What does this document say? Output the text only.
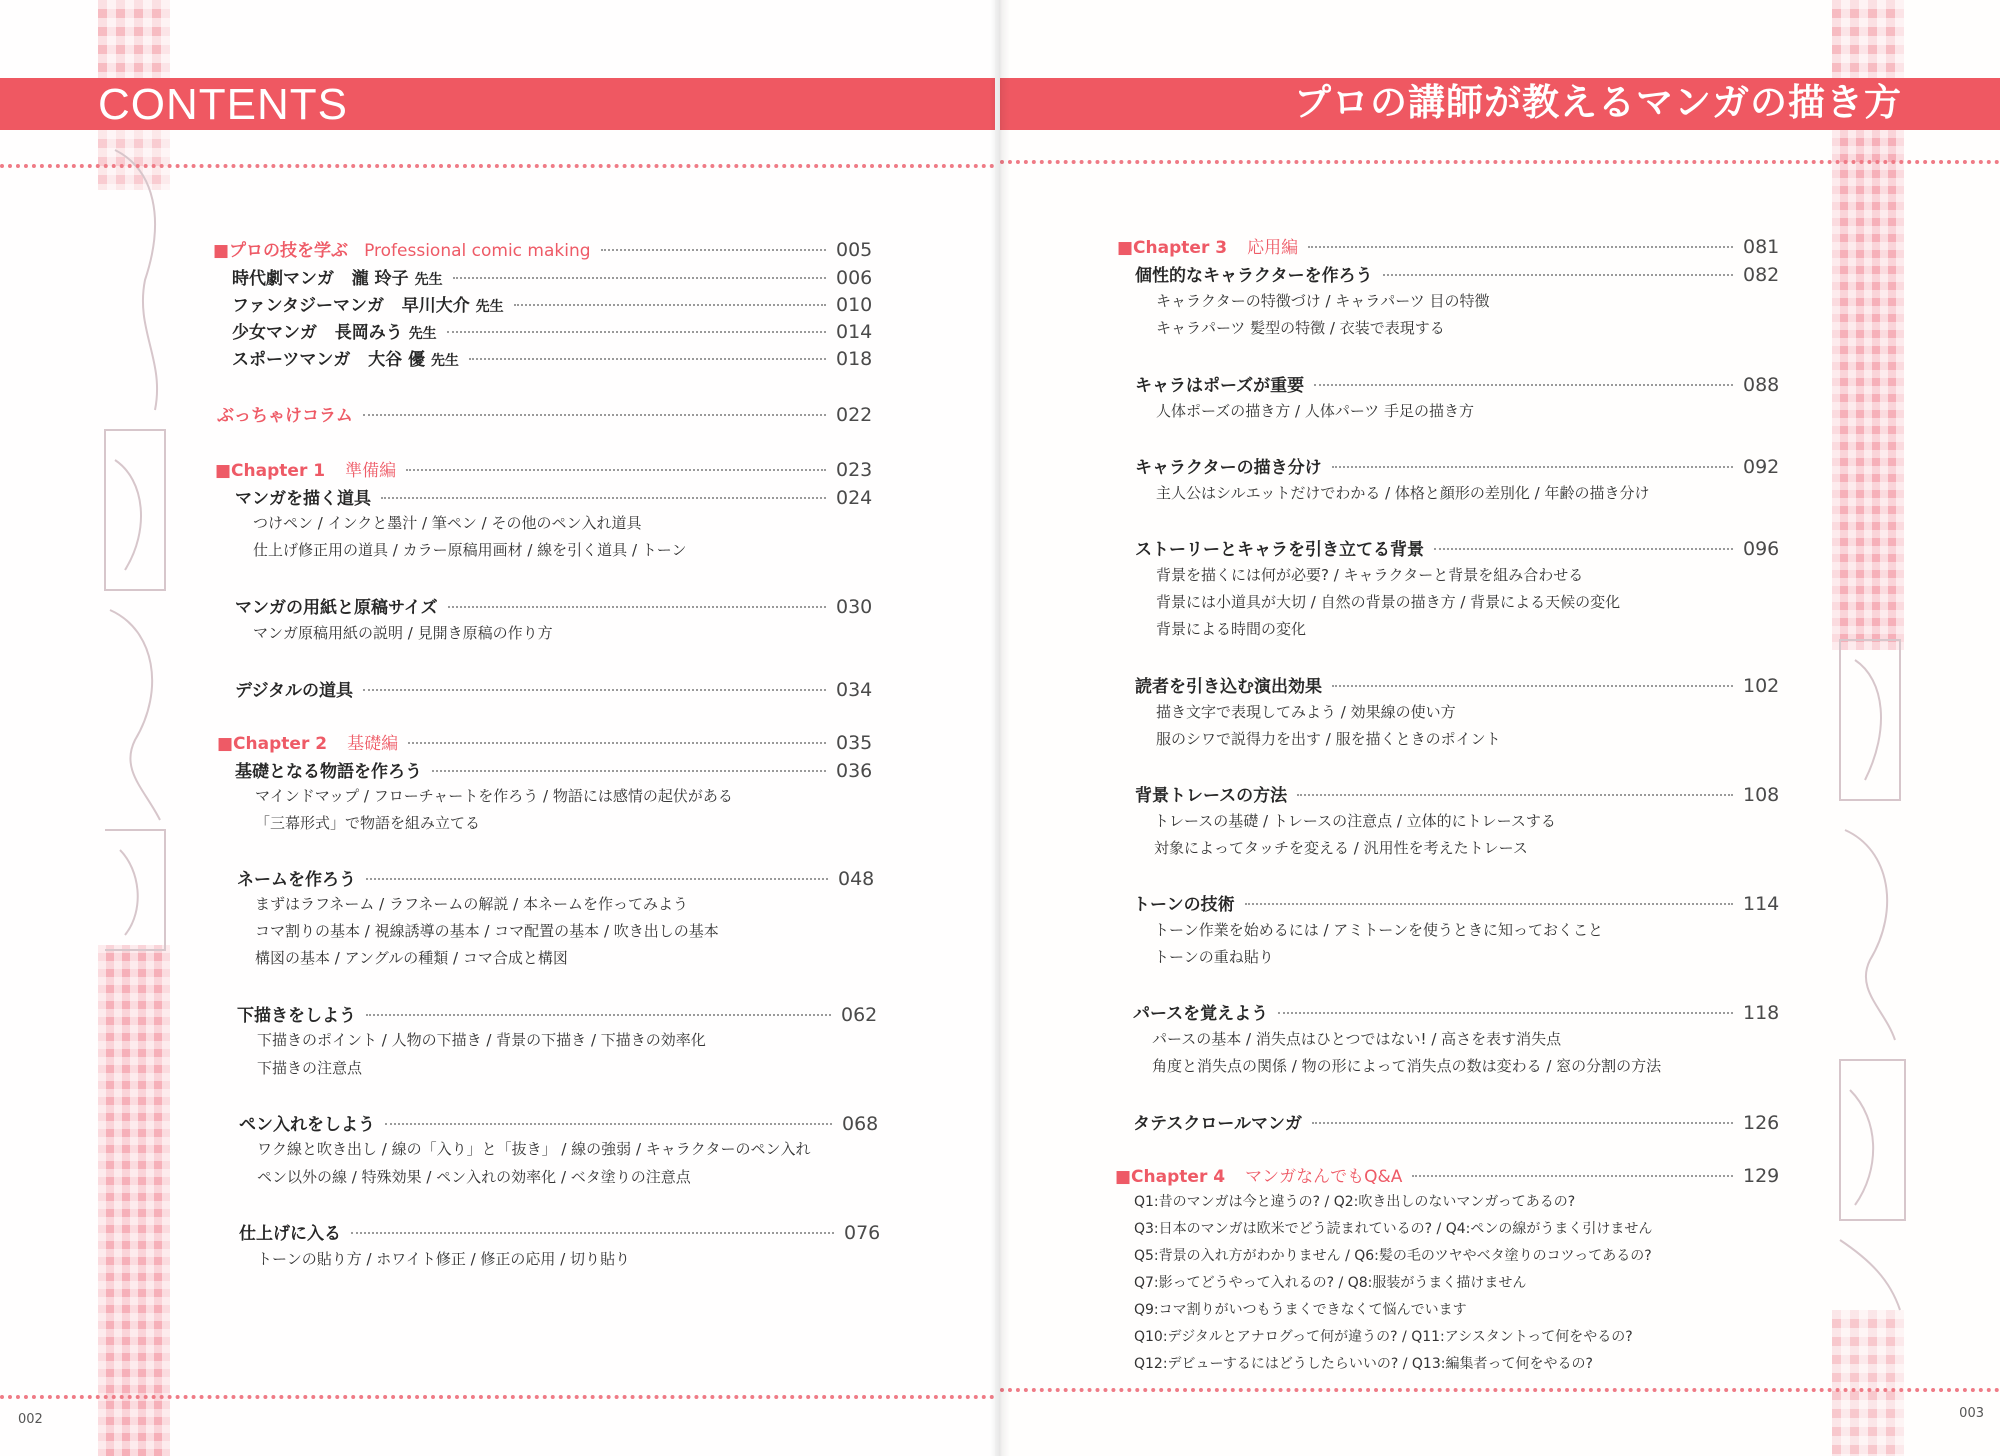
CONTENTS
■プロの技を学ぶ Professional comic making	005
時代劇マンガ 瀧 玲子 先生	006
ファンタジーマンガ 早川大介 先生	010
少女マンガ 長岡みう 先生	014
スポーツマンガ 大谷 優 先生	018
ぶっちゃけコラム	022
■Chapter 1 準備編	023
マンガを描く道具	024
つけペン / インクと墨汁 / 筆ペン / その他のペン入れ道具
仕上げ修正用の道具 / カラー原稿用画材 / 線を引く道具 / トーン
マンガの用紙と原稿サイズ	030
マンガ原稿用紙の説明 / 見開き原稿の作り方
デジタルの道具	034
■Chapter 2 基礎編	035
基礎となる物語を作ろう	036
マインドマップ / フローチャートを作ろう / 物語には感情の起伏がある
「三幕形式」で物語を組み立てる
ネームを作ろう	048
まずはラフネーム / ラフネームの解説 / 本ネームを作ってみよう
コマ割りの基本 / 視線誘導の基本 / コマ配置の基本 / 吹き出しの基本
構図の基本 / アングルの種類 / コマ合成と構図
下描きをしよう	062
下描きのポイント / 人物の下描き / 背景の下描き / 下描きの効率化
下描きの注意点
ペン入れをしよう	068
ワク線と吹き出し / 線の「入り」と「抜き」 / 線の強弱 / キャラクターのペン入れ
ペン以外の線 / 特殊効果 / ペン入れの効率化 / ベタ塗りの注意点
仕上げに入る	076
トーンの貼り方 / ホワイト修正 / 修正の応用 / 切り貼り
002
プロの講師が教えるマンガの描き方
■Chapter 3 応用編	081
個性的なキャラクターを作ろう	082
キャラクターの特徴づけ / キャラパーツ 目の特徴
キャラパーツ 髪型の特徴 / 衣装で表現する
キャラはポーズが重要	088
人体ポーズの描き方 / 人体パーツ 手足の描き方
キャラクターの描き分け	092
主人公はシルエットだけでわかる / 体格と顔形の差別化 / 年齢の描き分け
ストーリーとキャラを引き立てる背景	096
背景を描くには何が必要? / キャラクターと背景を組み合わせる
背景には小道具が大切 / 自然の背景の描き方 / 背景による天候の変化
背景による時間の変化
読者を引き込む演出効果	102
描き文字で表現してみよう / 効果線の使い方
服のシワで説得力を出す / 服を描くときのポイント
背景トレースの方法	108
トレースの基礎 / トレースの注意点 / 立体的にトレースする
対象によってタッチを変える / 汎用性を考えたトレース
トーンの技術	114
トーン作業を始めるには / アミトーンを使うときに知っておくこと
トーンの重ね貼り
パースを覚えよう	118
パースの基本 / 消失点はひとつではない! / 高さを表す消失点
角度と消失点の関係 / 物の形によって消失点の数は変わる / 窓の分割の方法
タテスクロールマンガ	126
■Chapter 4 マンガなんでもQ&A	129
Q1:昔のマンガは今と違うの? / Q2:吹き出しのないマンガってあるの?
Q3:日本のマンガは欧米でどう読まれているの? / Q4:ペンの線がうまく引けません
Q5:背景の入れ方がわかりません / Q6:髪の毛のツヤやベタ塗りのコツってあるの?
Q7:影ってどうやって入れるの? / Q8:服装がうまく描けません
Q9:コマ割りがいつもうまくできなくて悩んでいます
Q10:デジタルとアナログって何が違うの? / Q11:アシスタントって何をやるの?
Q12:デビューするにはどうしたらいいの? / Q13:編集者って何をやるの?
003
